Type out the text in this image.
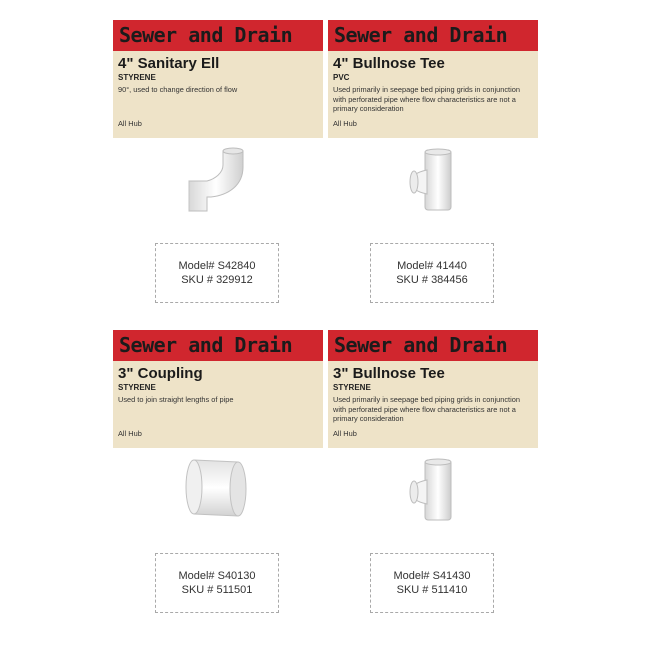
Sewer and Drain
4" Sanitary Ell
STYRENE
90°, used to change direction of flow
All Hub
Model# S42840
SKU # 329912
Sewer and Drain
4" Bullnose Tee
PVC
Used primarily in seepage bed piping grids in conjunction with perforated pipe where flow characteristics are not a primary consideration
All Hub
Model# 41440
SKU # 384456
Sewer and Drain
3" Coupling
STYRENE
Used to join straight lengths of pipe
All Hub
Model# S40130
SKU # 511501
Sewer and Drain
3" Bullnose Tee
STYRENE
Used primarily in seepage bed piping grids in conjunction with perforated pipe where flow characteristics are not a primary consideration
All Hub
Model# S41430
SKU # 511410
